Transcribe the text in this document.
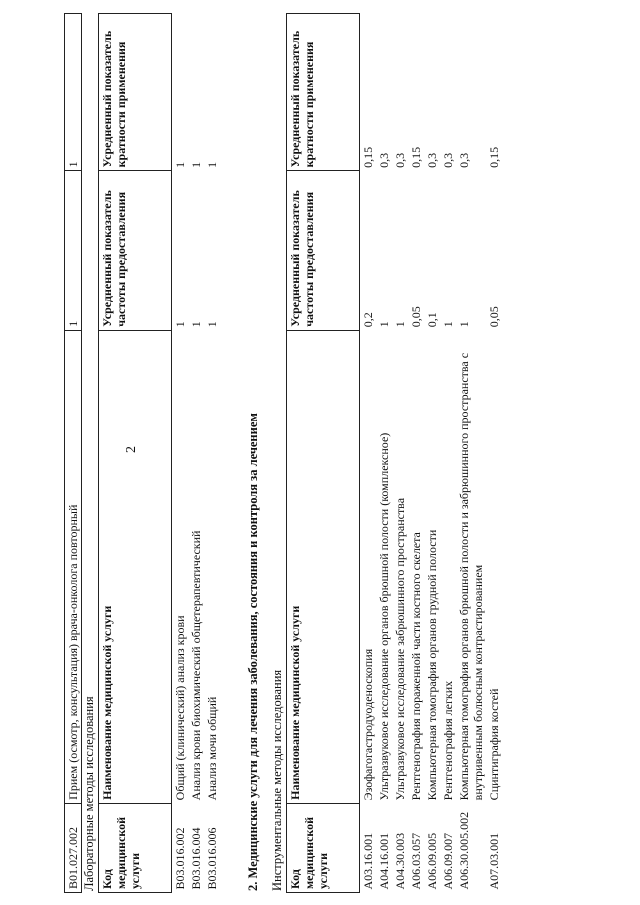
2
B01.027.002	Прием (осмотр, консультация) врача-онколога повторный	1	1
Лабораторные методы исследования Код медицинской услуги	Наименование медицинской услуги	Усредненный показатель частоты предоставления	Усредненный показатель кратности применения
B03.016.002	Общий (клинический) анализ крови	1	1
B03.016.004	Анализ крови биохимический общетерапевтический	1	1
B03.016.006	Анализ мочи общий	1	1
2. Медицинские услуги для лечения заболевания, состояния и контроля за лечением Инструментальные методы исследования Код медицинской услуги	Наименование медицинской услуги	Усредненный показатель частоты предоставления	Усредненный показатель кратности применения
A03.16.001	Эзофагогастродуоденоскопия	0,2	0,15
A04.16.001	Ультразвуковое исследование органов брюшной полости (комплексное)	1	0,3
A04.30.003	Ультразвуковое исследование забрюшинного пространства	1	0,3
A06.03.057	Рентгенография пораженной части костного скелета	0,05	0,15
A06.09.005	Компьютерная томография органов грудной полости	0,1	0,3
A06.09.007	Рентгенография легких	1	0,3
A06.30.005.002	Компьютерная томография органов брюшной полости и забрюшинного пространства с внутривенным болюсным контрастированием	1	0,3
A07.03.001	Сцинтиграфия костей	0,05	0,15
